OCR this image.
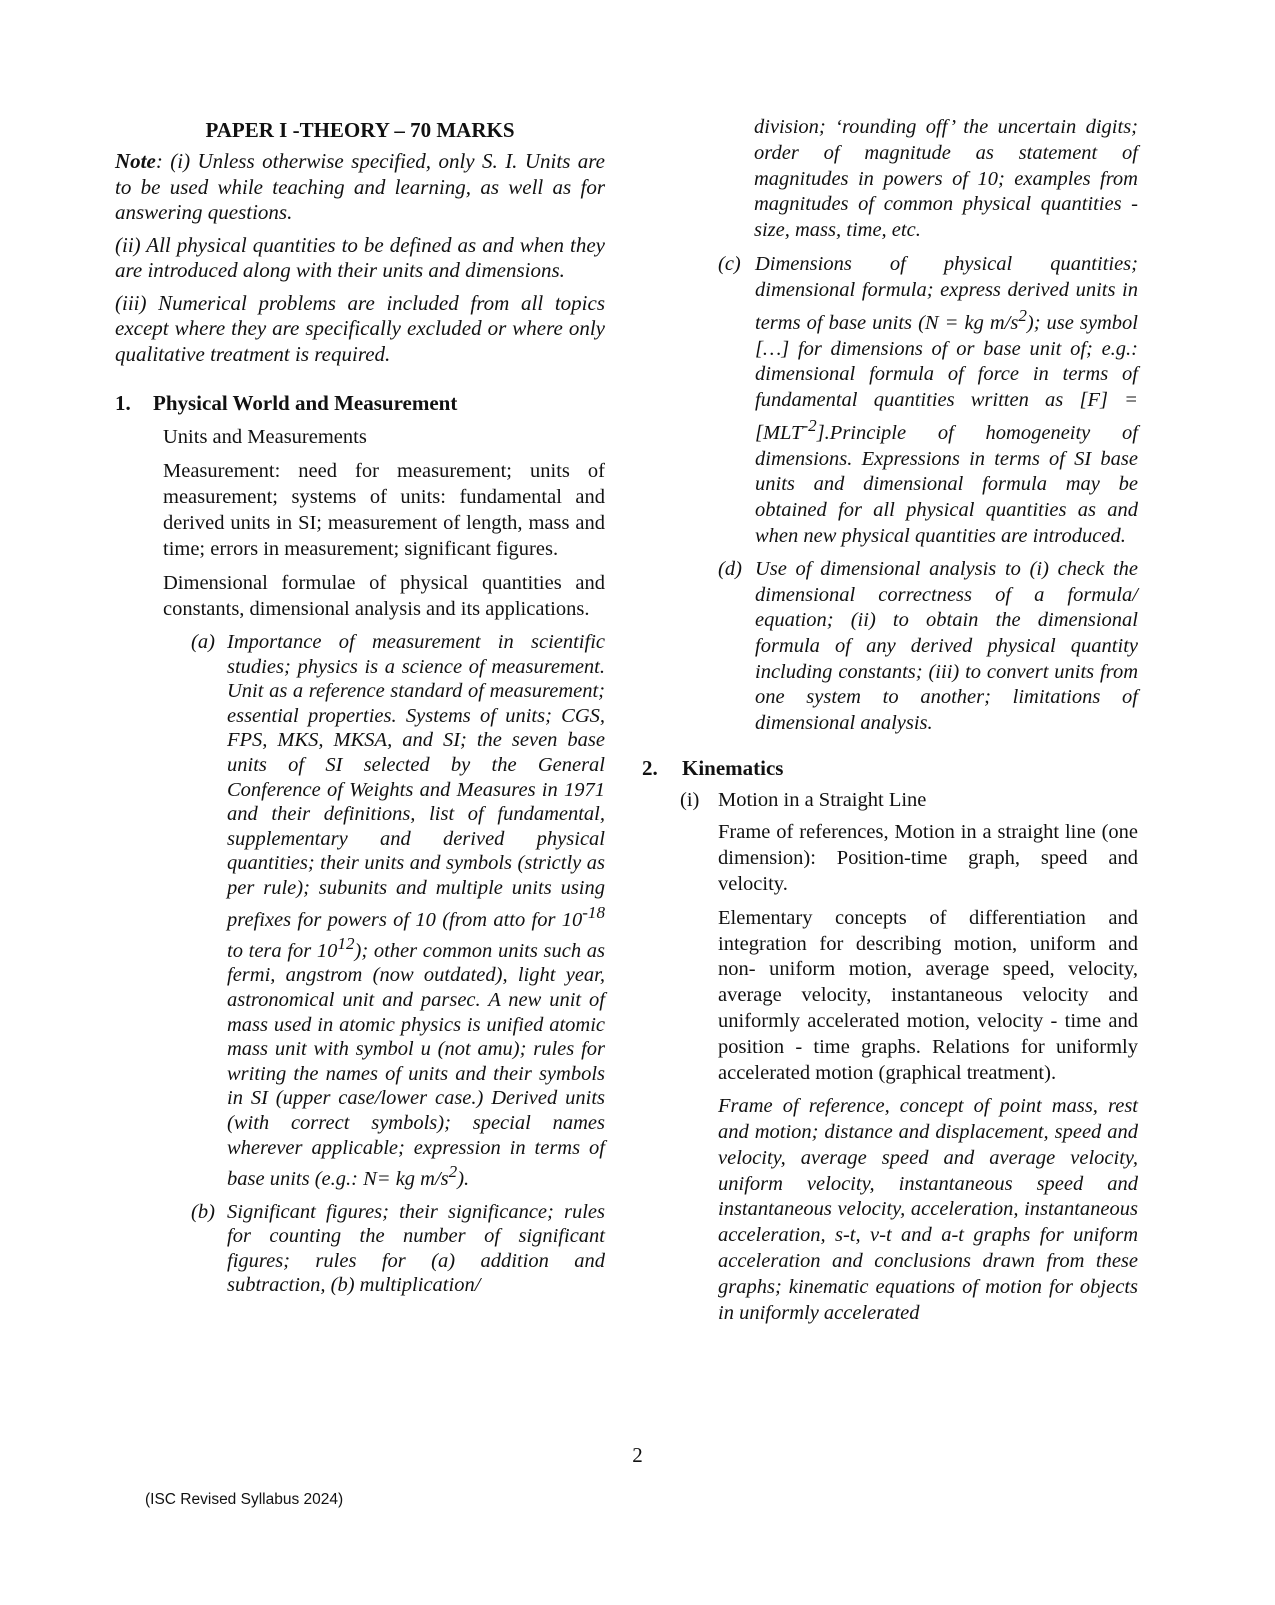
PAPER I -THEORY – 70 MARKS

Note: (i) Unless otherwise specified, only S. I. Units are to be used while teaching and learning, as well as for answering questions.

(ii) All physical quantities to be defined as and when they are introduced along with their units and dimensions.

(iii) Numerical problems are included from all topics except where they are specifically excluded or where only qualitative treatment is required.

1. Physical World and Measurement

Units and Measurements

Measurement: need for measurement; units of measurement; systems of units: fundamental and derived units in SI; measurement of length, mass and time; errors in measurement; significant figures.

Dimensional formulae of physical quantities and constants, dimensional analysis and its applications.

(a) Importance of measurement in scientific studies; physics is a science of measurement. Unit as a reference standard of measurement; essential properties. Systems of units; CGS, FPS, MKS, MKSA, and SI; the seven base units of SI selected by the General Conference of Weights and Measures in 1971 and their definitions, list of fundamental, supplementary and derived physical quantities; their units and symbols (strictly as per rule); subunits and multiple units using prefixes for powers of 10 (from atto for $10^{-18}$ to tera for $10^{12}$); other common units such as fermi, angstrom (now outdated), light year, astronomical unit and parsec. A new unit of mass used in atomic physics is unified atomic mass unit with symbol u (not amu); rules for writing the names of units and their symbols in SI (upper case/lower case.) Derived units (with correct symbols); special names wherever applicable; expression in terms of base units (e.g.: N= kg $m/s^2$).
(b) Significant figures; their significance; rules for counting the number of significant figures; rules for (a) addition and subtraction, (b) multiplication/

division; ‘rounding off’ the uncertain digits; order of magnitude as statement of magnitudes in powers of 10; examples from magnitudes of common physical quantities - size, mass, time, etc.

(c) Dimensions of physical quantities; dimensional formula; express derived units in terms of base units (N = kg $m/s^2$); use symbol […] for dimensions of or base unit of; e.g.: dimensional formula of force in terms of fundamental quantities written as $[F] = [MLT^{-2}].Principle$ of homogeneity of dimensions. Expressions in terms of SI base units and dimensional formula may be obtained for all physical quantities as and when new physical quantities are introduced.
(d) Use of dimensional analysis to (i) check the dimensional correctness of a formula/ equation; (ii) to obtain the dimensional formula of any derived physical quantity including constants; (iii) to convert units from one system to another; limitations of dimensional analysis.

2. Kinematics

(i) Motion in a Straight Line

Frame of references, Motion in a straight line (one dimension): Position-time graph, speed and velocity.

Elementary concepts of differentiation and integration for describing motion, uniform and non- uniform motion, average speed, velocity, average velocity, instantaneous velocity and uniformly accelerated motion, velocity - time and position - time graphs. Relations for uniformly accelerated motion (graphical treatment).

Frame of reference, concept of point mass, rest and motion; distance and displacement, speed and velocity, average speed and average velocity, uniform velocity, instantaneous speed and instantaneous velocity, acceleration, instantaneous acceleration, s-t, v-t and a-t graphs for uniform acceleration and conclusions drawn from these graphs; kinematic equations of motion for objects in uniformly accelerated

2
(ISC Revised Syllabus 2024)
